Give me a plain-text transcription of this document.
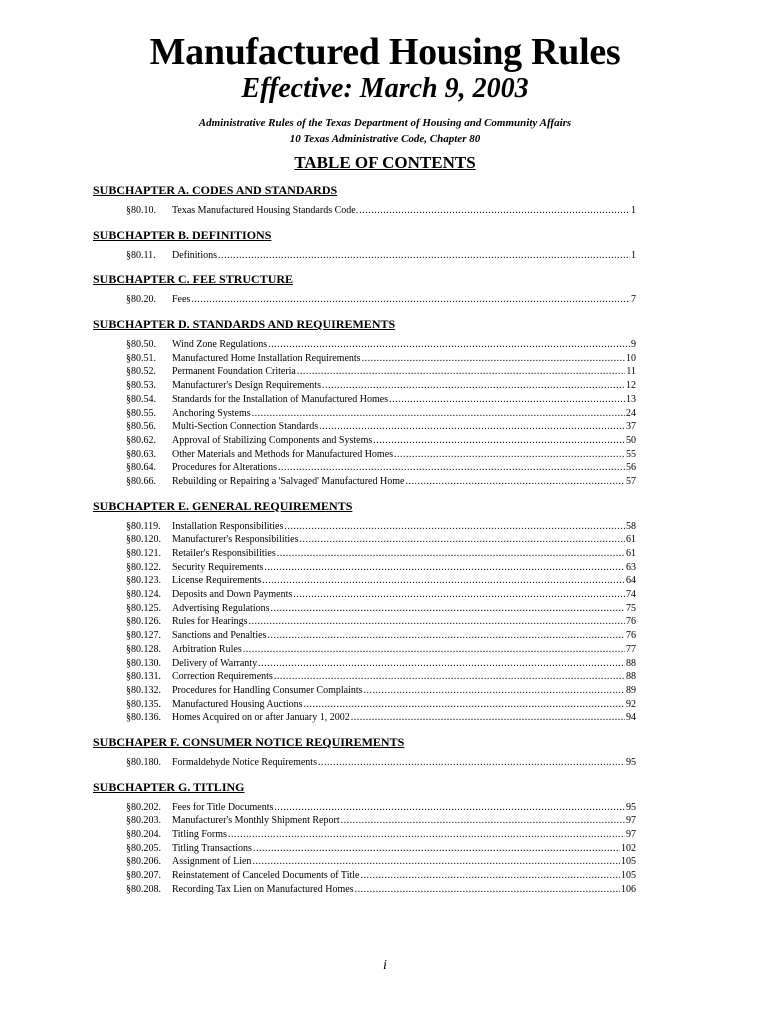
Manufactured Housing Rules
Effective: March 9, 2003
Administrative Rules of the Texas Department of Housing and Community Affairs
10 Texas Administrative Code, Chapter 80
TABLE OF CONTENTS
SUBCHAPTER A. CODES AND STANDARDS
§80.10.	Texas Manufactured Housing Standards Code. .....	1
SUBCHAPTER B. DEFINITIONS
§80.11.	Definitions .....	1
SUBCHAPTER C. FEE STRUCTURE
§80.20.	Fees .....	7
SUBCHAPTER D. STANDARDS AND REQUIREMENTS
§80.50.	Wind Zone Regulations .....	9
§80.51.	Manufactured Home Installation Requirements .....	10
§80.52.	Permanent Foundation Criteria .....	11
§80.53.	Manufacturer's Design Requirements .....	12
§80.54.	Standards for the Installation of Manufactured Homes .....	13
§80.55.	Anchoring Systems .....	24
§80.56.	Multi-Section Connection Standards .....	37
§80.62.	Approval of Stabilizing Components and Systems .....	50
§80.63.	Other Materials and Methods for Manufactured Homes .....	55
§80.64.	Procedures for Alterations .....	56
§80.66.	Rebuilding or Repairing a 'Salvaged' Manufactured Home .....	57
SUBCHAPTER E. GENERAL REQUIREMENTS
§80.119.	Installation Responsibilities .....	58
§80.120.	Manufacturer's Responsibilities .....	61
§80.121.	Retailer's Responsibilities .....	61
§80.122.	Security Requirements .....	63
§80.123.	License Requirements .....	64
§80.124.	Deposits and Down Payments .....	74
§80.125.	Advertising Regulations .....	75
§80.126.	Rules for Hearings .....	76
§80.127.	Sanctions and Penalties .....	76
§80.128.	Arbitration Rules .....	77
§80.130.	Delivery of Warranty .....	88
§80.131.	Correction Requirements .....	88
§80.132.	Procedures for Handling Consumer Complaints .....	89
§80.135.	Manufactured Housing Auctions .....	92
§80.136.	Homes Acquired on or after January 1, 2002 .....	94
SUBCHAPER F. CONSUMER NOTICE REQUIREMENTS
§80.180.	Formaldehyde Notice Requirements .....	95
SUBCHAPTER G. TITLING
§80.202.	Fees for Title Documents .....	95
§80.203.	Manufacturer's Monthly Shipment Report .....	97
§80.204.	Titling Forms .....	97
§80.205.	Titling Transactions .....	102
§80.206.	Assignment of Lien .....	105
§80.207.	Reinstatement of Canceled Documents of Title .....	105
§80.208.	Recording Tax Lien on Manufactured Homes .....	106
i
